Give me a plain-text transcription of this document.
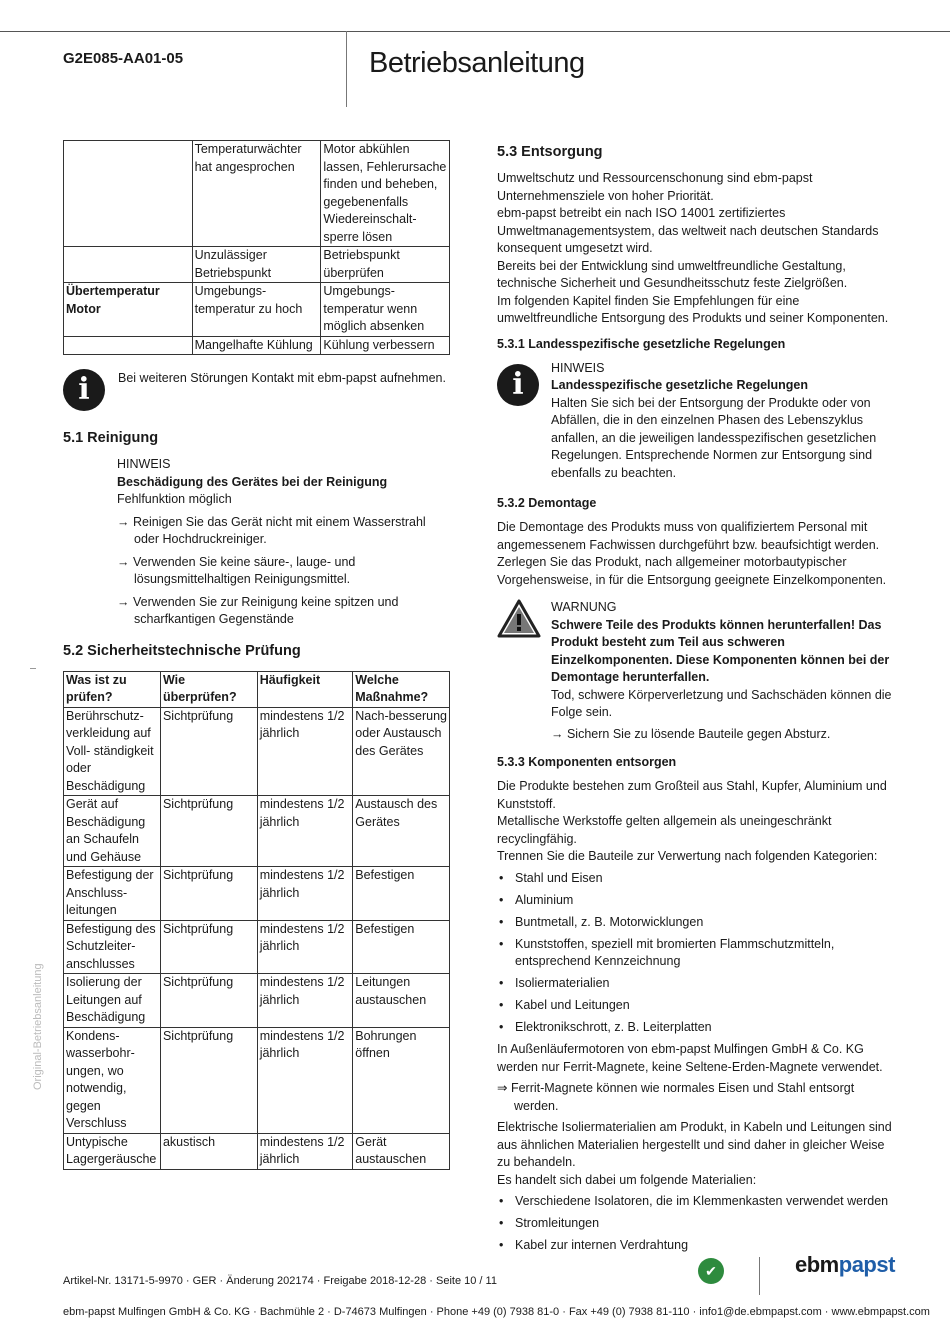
G2E085-AA01-05	Betriebsanleitung
Original-Betriebsanleitung
	Temperaturwächter hat angesprochen	Motor abkühlen lassen, Fehlerursache finden und beheben, gegebenenfalls Wiedereinschalt-sperre lösen
	Unzulässiger Betriebspunkt	Betriebspunkt überprüfen
Übertemperatur Motor	Umgebungs-temperatur zu hoch	Umgebungs-temperatur wenn möglich absenken
	Mangelhafte Kühlung	Kühlung verbessern
i	Bei weiteren Störungen Kontakt mit ebm-papst aufnehmen.
5.1 Reinigung
HINWEIS
Beschädigung des Gerätes bei der Reinigung
Fehlfunktion möglich
→ Reinigen Sie das Gerät nicht mit einem Wasserstrahl oder Hochdruckreiniger.
→ Verwenden Sie keine säure-, lauge- und lösungsmittelhaltigen Reinigungsmittel.
→ Verwenden Sie zur Reinigung keine spitzen und scharfkantigen Gegenstände
5.2 Sicherheitstechnische Prüfung
Was ist zu prüfen?	Wie überprüfen?	Häufigkeit	Welche Maßnahme?
Berührschutz-verkleidung auf Voll- ständigkeit oder Beschädigung	Sichtprüfung	mindestens 1/2 jährlich	Nach-besserung oder Austausch des Gerätes
Gerät auf Beschädigung an Schaufeln und Gehäuse	Sichtprüfung	mindestens 1/2 jährlich	Austausch des Gerätes
Befestigung der Anschluss-leitungen	Sichtprüfung	mindestens 1/2 jährlich	Befestigen
Befestigung des Schutzleiter-anschlusses	Sichtprüfung	mindestens 1/2 jährlich	Befestigen
Isolierung der Leitungen auf Beschädigung	Sichtprüfung	mindestens 1/2 jährlich	Leitungen austauschen
Kondens-wasserbohr-ungen, wo notwendig, gegen Verschluss	Sichtprüfung	mindestens 1/2 jährlich	Bohrungen öffnen
Untypische Lagergeräusche	akustisch	mindestens 1/2 jährlich	Gerät austauschen
5.3 Entsorgung
Umweltschutz und Ressourcenschonung sind ebm-papst Unternehmensziele von hoher Priorität.
ebm-papst betreibt ein nach ISO 14001 zertifiziertes Umweltmanagementsystem, das weltweit nach deutschen Standards konsequent umgesetzt wird.
Bereits bei der Entwicklung sind umweltfreundliche Gestaltung, technische Sicherheit und Gesundheitsschutz feste Zielgrößen.
Im folgenden Kapitel finden Sie Empfehlungen für eine umweltfreundliche Entsorgung des Produkts und seiner Komponenten.
5.3.1 Landesspezifische gesetzliche Regelungen
i	HINWEIS
Landesspezifische gesetzliche Regelungen
Halten Sie sich bei der Entsorgung der Produkte oder von Abfällen, die in den einzelnen Phasen des Lebenszyklus anfallen, an die jeweiligen landesspezifischen gesetzlichen Regelungen. Entsprechende Normen zur Entsorgung sind ebenfalls zu beachten.
5.3.2 Demontage
Die Demontage des Produkts muss von qualifiziertem Personal mit angemessenem Fachwissen durchgeführt bzw. beaufsichtigt werden. Zerlegen Sie das Produkt, nach allgemeiner motorbautypischer Vorgehensweise, in für die Entsorgung geeignete Einzelkomponenten.
WARNUNG
Schwere Teile des Produkts können herunterfallen! Das Produkt besteht zum Teil aus schweren Einzelkomponenten. Diese Komponenten können bei der Demontage herunterfallen.
Tod, schwere Körperverletzung und Sachschäden können die Folge sein.
→ Sichern Sie zu lösende Bauteile gegen Absturz.
5.3.3 Komponenten entsorgen
Die Produkte bestehen zum Großteil aus Stahl, Kupfer, Aluminium und Kunststoff.
Metallische Werkstoffe gelten allgemein als uneingeschränkt recyclingfähig.
Trennen Sie die Bauteile zur Verwertung nach folgenden Kategorien:
• Stahl und Eisen
• Aluminium
• Buntmetall, z. B. Motorwicklungen
• Kunststoffen, speziell mit bromierten Flammschutzmitteln, entsprechend Kennzeichnung
• Isoliermaterialien
• Kabel und Leitungen
• Elektronikschrott, z. B. Leiterplatten
In Außenläufermotoren von ebm-papst Mulfingen GmbH & Co. KG werden nur Ferrit-Magnete, keine Seltene-Erden-Magnete verwendet.
⇒ Ferrit-Magnete können wie normales Eisen und Stahl entsorgt werden.
Elektrische Isoliermaterialien am Produkt, in Kabeln und Leitungen sind aus ähnlichen Materialien hergestellt und sind daher in gleicher Weise zu behandeln.
Es handelt sich dabei um folgende Materialien:
• Verschiedene Isolatoren, die im Klemmenkasten verwendet werden
• Stromleitungen
• Kabel zur internen Verdrahtung
Artikel-Nr. 13171-5-9970 · GER · Änderung 202174 · Freigabe 2018-12-28 · Seite 10 / 11
✔	ebmpapst
ebm-papst Mulfingen GmbH & Co. KG · Bachmühle 2 · D-74673 Mulfingen · Phone +49 (0) 7938 81-0 · Fax +49 (0) 7938 81-110 · info1@de.ebmpapst.com · www.ebmpapst.com
